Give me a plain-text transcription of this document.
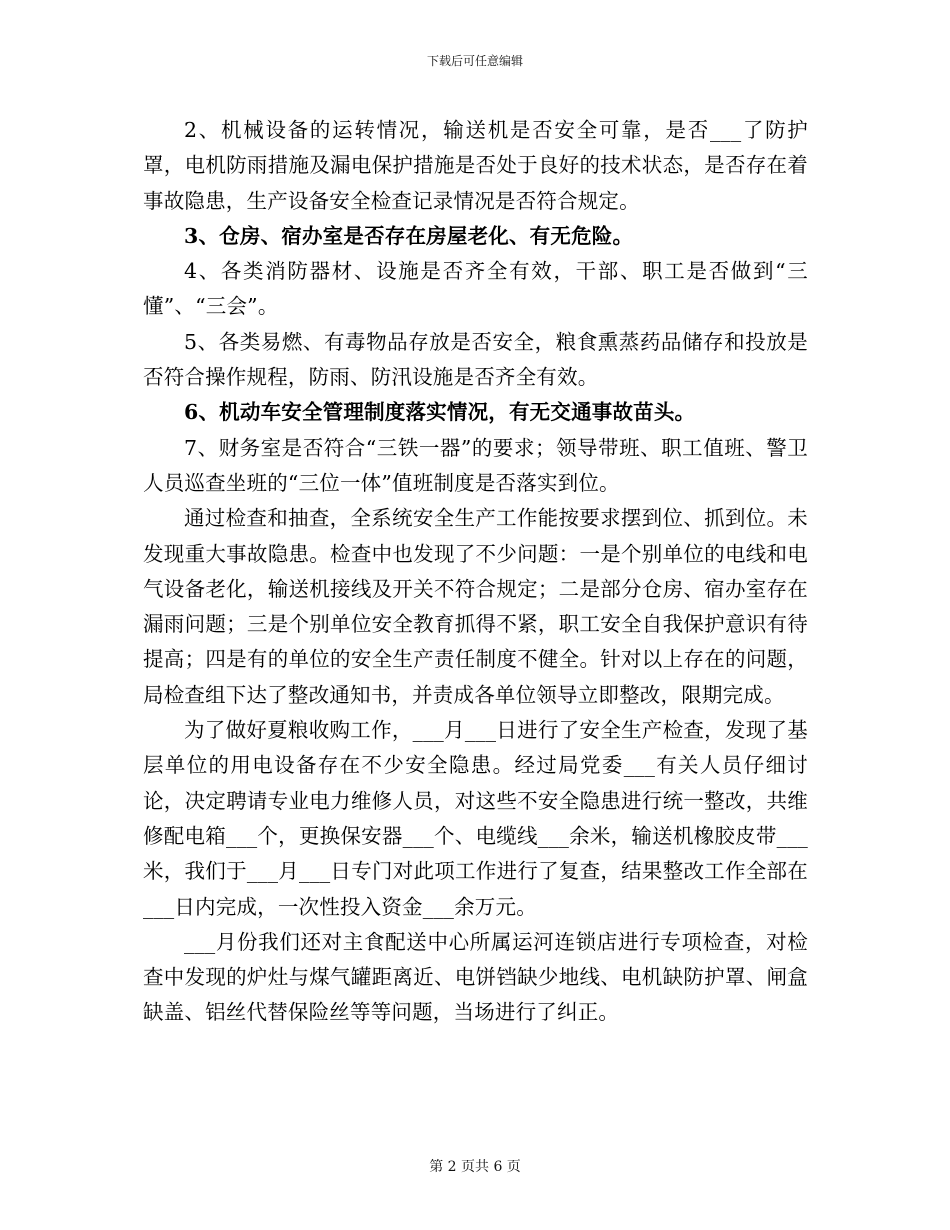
下载后可任意编辑

2、机械设备的运转情况，输送机是否安全可靠，是否___了防护罩，电机防雨措施及漏电保护措施是否处于良好的技术状态，是否存在着事故隐患，生产设备安全检查记录情况是否符合规定。

3、仓房、宿办室是否存在房屋老化、有无危险。

4、各类消防器材、设施是否齐全有效，干部、职工是否做到“三懂”、“三会”。

5、各类易燃、有毒物品存放是否安全，粮食熏蒸药品储存和投放是否符合操作规程，防雨、防汛设施是否齐全有效。

6、机动车安全管理制度落实情况，有无交通事故苗头。

7、财务室是否符合“三铁一器”的要求；领导带班、职工值班、警卫人员巡查坐班的“三位一体”值班制度是否落实到位。

通过检查和抽查，全系统安全生产工作能按要求摆到位、抓到位。未发现重大事故隐患。检查中也发现了不少问题：一是个别单位的电线和电气设备老化，输送机接线及开关不符合规定；二是部分仓房、宿办室存在漏雨问题；三是个别单位安全教育抓得不紧，职工安全自我保护意识有待提高；四是有的单位的安全生产责任制度不健全。针对以上存在的问题，局检查组下达了整改通知书，并责成各单位领导立即整改，限期完成。

为了做好夏粮收购工作，___月___日进行了安全生产检查，发现了基层单位的用电设备存在不少安全隐患。经过局党委___有关人员仔细讨论，决定聘请专业电力维修人员，对这些不安全隐患进行统一整改，共维修配电箱___个，更换保安器___个、电缆线___余米，输送机橡胶皮带___米，我们于___月___日专门对此项工作进行了复查，结果整改工作全部在___日内完成，一次性投入资金___余万元。

___月份我们还对主食配送中心所属运河连锁店进行专项检查，对检查中发现的炉灶与煤气罐距离近、电饼铛缺少地线、电机缺防护罩、闸盒缺盖、铝丝代替保险丝等等问题，当场进行了纠正。

第 2 页共 6 页
